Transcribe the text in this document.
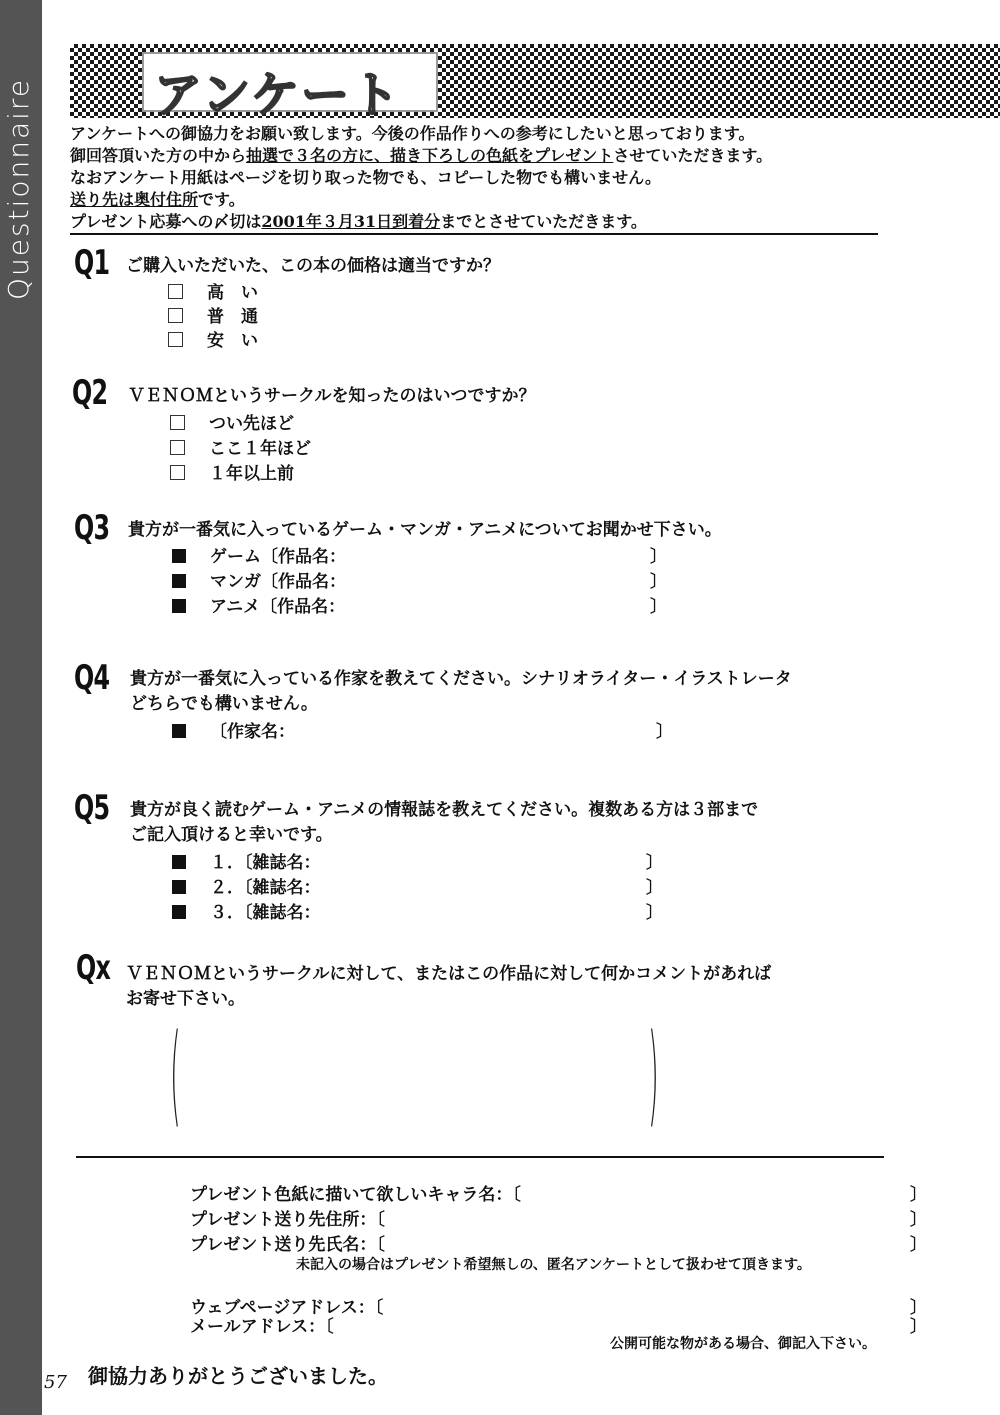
Questionnaire アンケート
アンケートへの御協力をお願い致します。今後の作品作りへの参考にしたいと思っております。
御回答頂いた方の中から抽選で３名の方に、描き下ろしの色紙をプレゼントさせていただきます。
なおアンケート用紙はページを切り取った物でも、コピーした物でも構いません。
送り先は奥付住所です。
プレゼント応募への〆切は2001年３月31日到着分までとさせていただきます。
Q1 ご購入いただいた、この本の価格は適当ですか？
高　い
普　通
安　い
Q2 ＶＥＮＯＭというサークルを知ったのはいつですか？
つい先ほど
ここ１年ほど
１年以上前
Q3 貴方が一番気に入っているゲーム・マンガ・アニメについてお聞かせ下さい。
ゲーム〔作品名：	〕
マンガ〔作品名：	〕
アニメ〔作品名：	〕
Q4 貴方が一番気に入っている作家を教えてください。シナリオライター・イラストレータ
どちらでも構いません。
〔作家名：	〕
Q5 貴方が良く読むゲーム・アニメの情報誌を教えてください。複数ある方は３部まで
ご記入頂けると幸いです。
１．〔雑誌名：	〕
２．〔雑誌名：	〕
３．〔雑誌名：	〕
Qx ＶＥＮＯＭというサークルに対して、またはこの作品に対して何かコメントがあれば
お寄せ下さい。
(	)
プレゼント色紙に描いて欲しいキャラ名：〔	〕
プレゼント送り先住所：〔	〕
プレゼント送り先氏名：〔	〕
未記入の場合はプレゼント希望無しの、匿名アンケートとして扱わせて頂きます。
ウェブページアドレス：〔	〕
メールアドレス：〔	〕
公開可能な物がある場合、御記入下さい。
57 御協力ありがとうございました。
